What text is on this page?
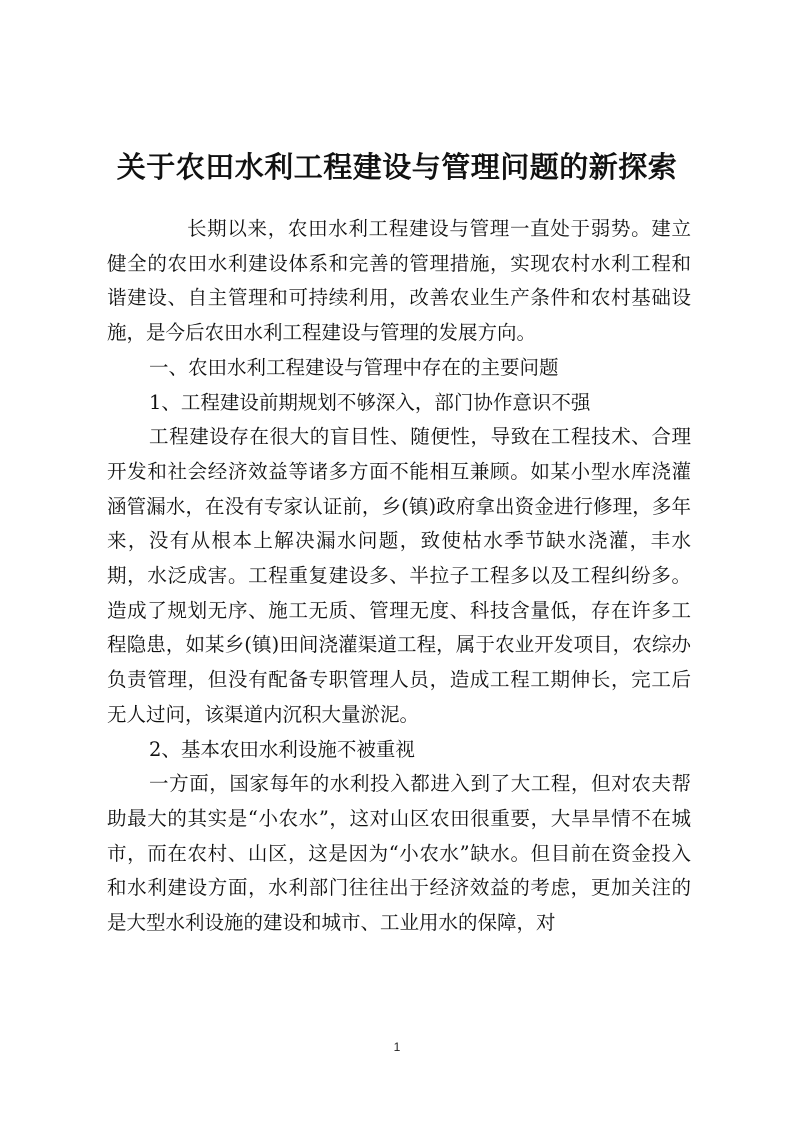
关于农田水利工程建设与管理问题的新探索

长期以来，农田水利工程建设与管理一直处于弱势。建立健全的农田水利建设体系和完善的管理措施，实现农村水利工程和谐建设、自主管理和可持续利用，改善农业生产条件和农村基础设施，是今后农田水利工程建设与管理的发展方向。

一、农田水利工程建设与管理中存在的主要问题

1、工程建设前期规划不够深入，部门协作意识不强

工程建设存在很大的盲目性、随便性，导致在工程技术、合理开发和社会经济效益等诸多方面不能相互兼顾。如某小型水库浇灌涵管漏水，在没有专家认证前，乡(镇)政府拿出资金进行修理，多年来，没有从根本上解决漏水问题，致使枯水季节缺水浇灌，丰水期，水泛成害。工程重复建设多、半拉子工程多以及工程纠纷多。造成了规划无序、施工无质、管理无度、科技含量低，存在许多工程隐患，如某乡(镇)田间浇灌渠道工程，属于农业开发项目，农综办负责管理，但没有配备专职管理人员，造成工程工期伸长，完工后无人过问，该渠道内沉积大量淤泥。

2、基本农田水利设施不被重视

一方面，国家每年的水利投入都进入到了大工程，但对农夫帮助最大的其实是“小农水”，这对山区农田很重要，大旱旱情不在城市，而在农村、山区，这是因为“小农水”缺水。但目前在资金投入和水利建设方面，水利部门往往出于经济效益的考虑，更加关注的是大型水利设施的建设和城市、工业用水的保障，对

1
